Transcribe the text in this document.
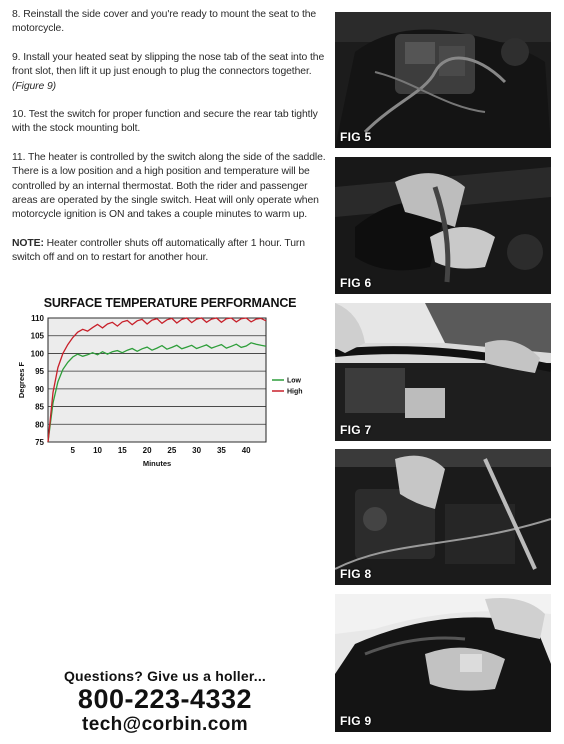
8. Reinstall the side cover and you're ready to mount the seat to the motorcycle.

9. Install your heated seat by slipping the nose tab of the seat into the front slot, then lift it up just enough to plug the connectors together. (Figure 9)

10. Test the switch for proper function and secure the rear tab tightly with the stock mounting bolt.

11. The heater is controlled by the switch along the side of the saddle. There is a low position and a high position and temperature will be controlled by an internal thermostat. Both the rider and passenger areas are operated by the single switch. Heat will only operate when motorcycle ignition is ON and takes a couple minutes to warm up.

NOTE: Heater controller shuts off automatically after 1 hour. Turn switch off and on to restart for another hour.

SURFACE TEMPERATURE PERFORMANCE
75
80
85
90
95
100
105
110
5 10 15 20 25 30 35 40
Minutes
Degrees F	Low
High
Questions? Give us a holler...
800-223-4332
tech@corbin.com
FIG 5
FIG 6
FIG 7
FIG 8
FIG 9
